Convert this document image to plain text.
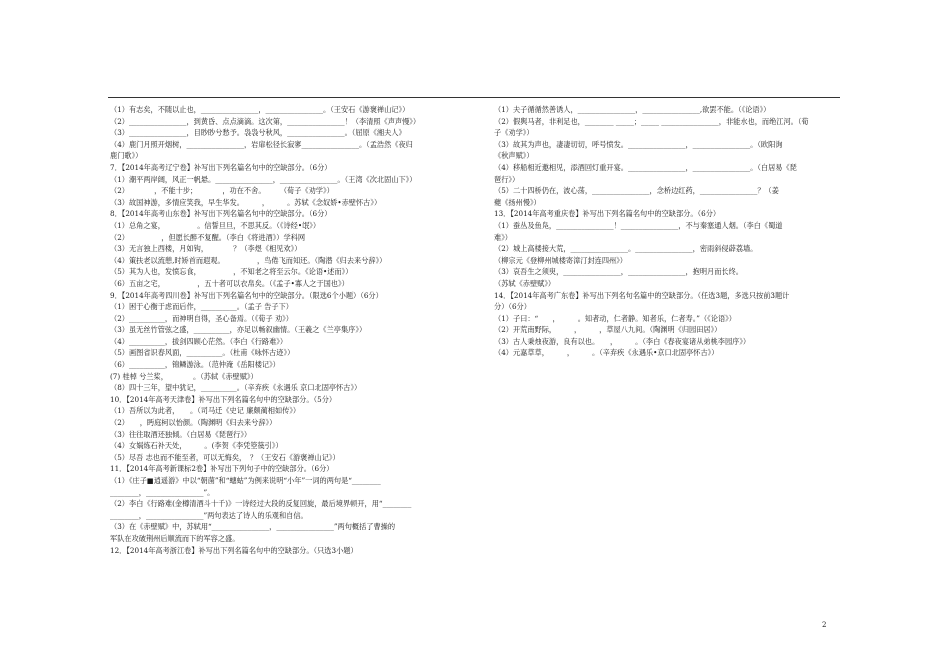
（1）有志矣，不随以止也，________________，________________。（王安石《游褒禅山记》）
（2）________________，到黄昏、点点滴滴。这次第，________________！（李清照《声声慢》）
（3）________________，目眇眇兮愁予。袅袅兮秋风，________________。（屈原《湘夫人》
（4）鹿门月照开烟树，________________，岩扉松径长寂寥________________。（孟浩然《夜归
鹿门歌》）
7．【2014年高考辽宁卷】补写出下列名篇名句中的空缺部分。（6分）
（1）潮平两岸阔，风正一帆悬。________________，________________。（王湾《次北固山下》）
（2）　　　　，不能十步；　　　　，功在不舍。　　　（荀子《劝学》）
（3）故国神游，多情应笑我，早生华发。　　　，　　　。苏轼《念奴娇•赤壁怀古》）
8．【2014年高考山东卷】补写出下列名篇名句中的空缺部分。（6分）
（1）总角之宴，　　　　　。信誓旦旦，不思其反。（《诗经•氓》）
（2）　　　　　，但愿长醉不复醒。（李白《将进酒》）学科网
（3）无言独上西楼，月如钩，　　　　？（李煜《相见欢》）
（4）策扶老以流憩,时矫首而遐观。　　　　　，鸟倦飞而知还。（陶潜《归去来兮辞》）
（5）其为人也，发愤忘食，　　　　　，不知老之将至云尔。《论语•述而》）
（6）五亩之宅，　　　　　，五十者可以衣帛矣。（《孟子•寡人之于国也》）
9．【2014年高考四川卷】补写出下列名篇名句中的空缺部分。（限选6个小题）（6分）
（1）困于心衡于虑而后作，__________。（孟子 告子下）
（2）__________，而神明自得，圣心备焉。（《荀子 劝》）
（3）虽无丝竹管弦之盛，__________，亦足以畅叙幽情。（王羲之《兰亭集序》）
（4）__________，拔剑四顾心茫然。（李白《行路难》）
（5）画图省识春风面，__________。（杜甫《咏怀古迹》）
（6）__________，锦鳞游泳。（范仲淹《岳阳楼记》）
(7) 桂棹 兮兰桨，　　　　。（苏轼《赤壁赋》）
（8）四十三年，望中犹记，__________。（辛弃疾《永遇乐 京口北固亭怀古》）
10．【2014年高考天津卷】补写出下列名篇名句中的空缺部分。（5分）
（1）吾所以为此者，　　。（司马迁《史记 廉颇蔺相如传》）
（2）　　，眄庭柯以怡颜。（陶渊明《归去来兮辞》）
（3）往往取酒还独倾。（白居易《琵琶行》）
（4）女娲炼石补天处，　　　。(李贺《李凭箜篌引》）
（5）尽吾 志也而不能至者，可以无悔矣，　？（王安石《游褒禅山记》）
11．【2014年高考新课标2卷】补写出下列句子中的空缺部分。（6分）
（1）《庄子■逍遥游》中以“朝菌”和“蟪蛄”为例来说明“小年”一词的两句是“________
________，________________”。
（2）李白《行路难(金樽清酒斗十千)》一诗经过大段的反复回旋，最后境界顿开，用“________
________，________________”两句表达了诗人的乐观和自信。
（3）在《赤壁赋》中，苏轼用“________________，________________”两句概括了曹操的
军队在攻破荆州后顺流而下的军容之盛。
12．【2014年高考浙江卷】补写出下列名篇名句中的空缺部分。（只选3小题）
（1）夫子循循然善诱人，________________，________________,欲罢不能。（《论语》）
（2）假舆马者，非利足也，________ _____；_____ ________________，非能水也，而绝江河。（荀
子《劝学》）
（3）故其为声也，凄凄切切，呼号愤发。________________，________________。（欧阳询
《秋声赋》）
（4）移船相近邀相见，添酒回灯重开宴。________________，________________。（白居易《琵
琶行》）
（5）二十四桥仍在，波心荡，________________，念桥边红药，________________？（姜
夔《扬州慢》）
13．【2014年高考重庆卷】补写出下列名篇名句中的空缺部分。（6分）
（1）蚕丛及鱼凫，________________！________________，不与秦塞通人烟。（李白《蜀道
难》）
（2）城上高楼接大荒，________________。________________，密雨斜侵薜荔墙。
（柳宗元《登柳州城楼寄漳汀封连四州》）
（3）哀吾生之须臾，________________，________________，抱明月而长终。
（苏轼《赤壁赋》）
14．【2014年高考广东卷】补写出下列名句名篇中的空缺部分。（任选3题，多选只按前3题计
分）（6分）
（1）子曰：“　　，　　　。知者动，仁者静。知者乐，仁者寿。”（《论语》）
（2）开荒南野际，　　　，　　　，草屋八九间。（陶渊明《归园田居》）
（3）古人秉烛夜游，良有以也。　　，　　　。（李白《春夜宴诸从弟桃李园序》）
（4）元嘉草草，　　　，　　　。（辛弃疾《永遇乐•京口北固亭怀古》）
2
